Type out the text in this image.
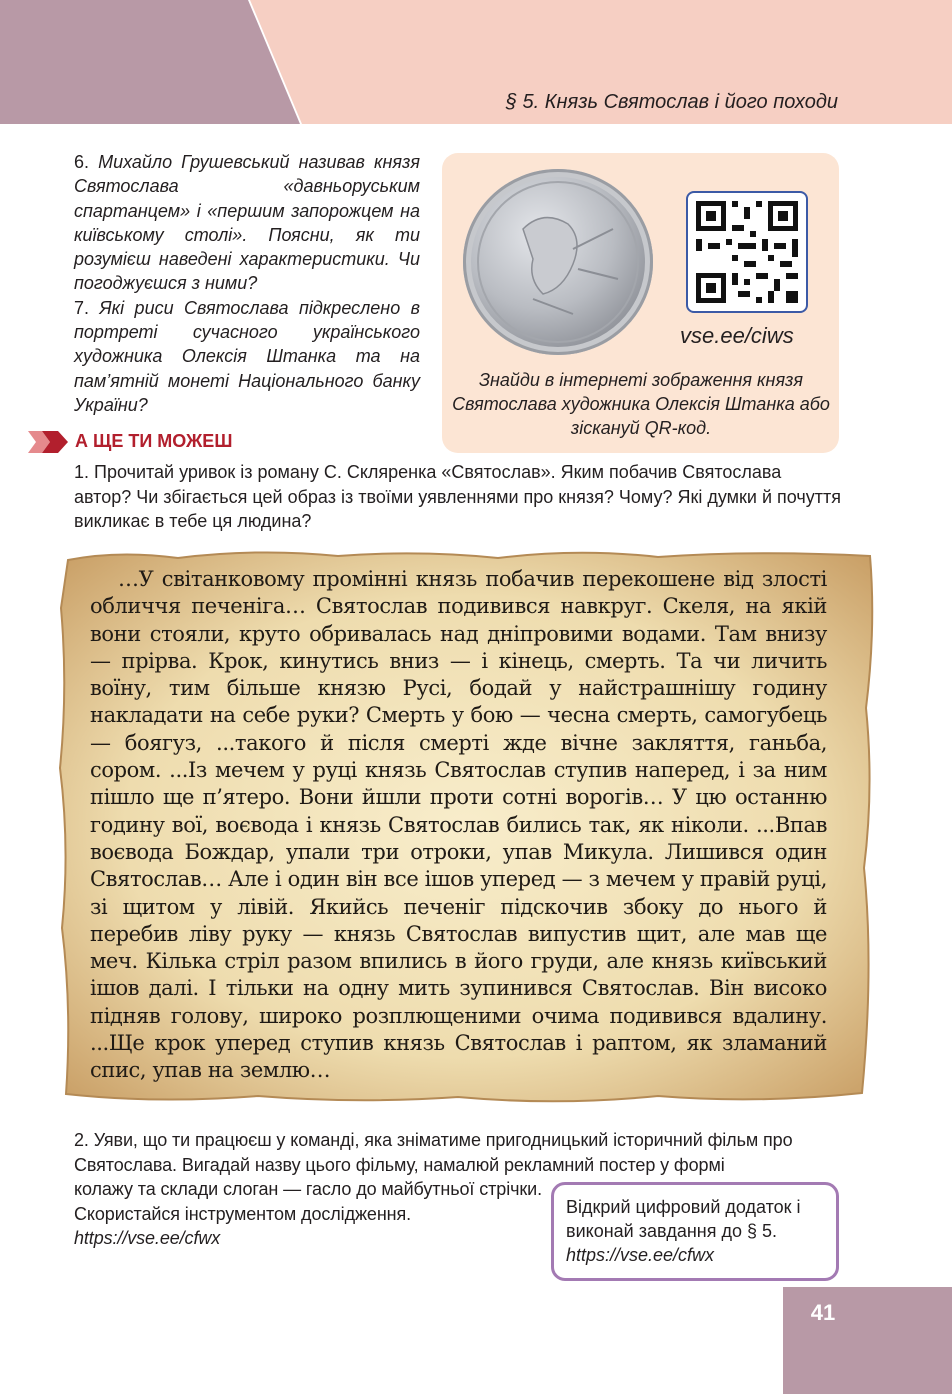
§ 5. Князь Святослав і його походи

6. Михайло Грушевський називав князя Святослава «давньоруським спартанцем» і «першим запорожцем на київському столі». Поясни, як ти розумієш наведені характеристики. Чи погоджуєшся з ними?

7. Які риси Святослава підкреслено в портреті сучасного українського художника Олексія Штанка та на пам’ятній монеті Національного банку України?

vse.ee/ciws
Знайди в інтернеті зображення князя Святослава художника Олексія Штанка або зіскануй QR-код.
А ЩЕ ТИ МОЖЕШ
1. Прочитай уривок із роману С. Скляренка «Святослав». Яким побачив Святослава автор? Чи збігається цей образ із твоїми уявленнями про князя? Чому? Які думки й почуття викликає в тебе ця людина?
…У світанковому промінні князь побачив перекошене від злості обличчя печеніга… Святослав подивився навкруг. Скеля, на якій вони стояли, круто обривалась над дніпровими водами. Там внизу — прірва. Крок, кинутись вниз — і кінець, смерть. Та чи личить воїну, тим більше князю Русі, бодай у найстрашнішу годину накладати на себе руки? Смерть у бою — чесна смерть, самогубець — боягуз, ...такого й після смерті жде вічне закляття, ганьба, сором. ...Із мечем у руці князь Святослав ступив наперед, і за ним пішло ще п’ятеро. Вони йшли проти сотні ворогів… У цю останню годину вої, воєвода і князь Святослав бились так, як ніколи. ...Впав воєвода Бождар, упали три отроки, упав Микула. Лишився один Святослав… Але і один він все ішов уперед — з мечем у правій руці, зі щитом у лівій. Якийсь печеніг підскочив збоку до нього й перебив ліву руку — князь Святослав випустив щит, але мав ще меч. Кілька стріл разом впились в його груди, але князь київський ішов далі. І тільки на одну мить зупинився Святослав. Він високо підняв голову, широко розплющеними очима подивився вдалину. ...Ще крок уперед ступив князь Святослав і раптом, як зламаний спис, упав на землю…
2. Уяви, що ти працюєш у команді, яка зніматиме пригодницький історичний фільм про Святослава. Вигадай назву цього фільму, намалюй рекламний постер у формі
колажу та склади слоган — гасло до майбутньої стрічки. Скористайся інструментом дослідження.
https://vse.ee/cfwx
Відкрий цифровий додаток і виконай завдання до § 5.
https://vse.ee/cfwx
41
